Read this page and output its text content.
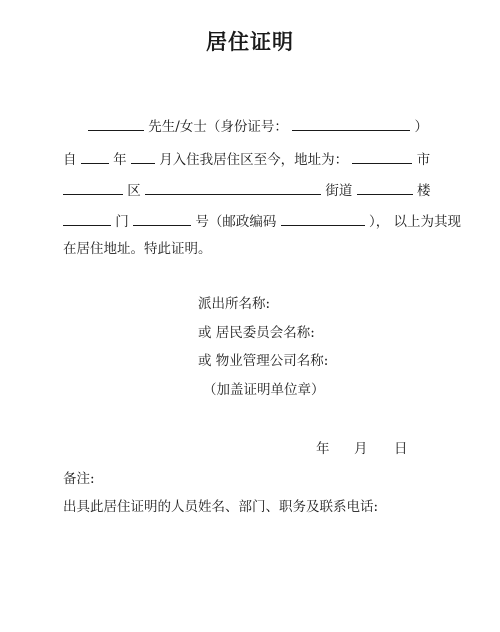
居住证明
先生/女士（身份证号：	）
自	年 月入住我居住区至今，地址为：	市
区	街道	楼
门	号（邮政编码	）， 以上为其现
在居住地址。特此证明。
派出所名称:
或 居民委员会名称:
或 物业管理公司名称:
（加盖证明单位章）
年 月 日
备注:
出具此居住证明的人员姓名、部门、职务及联系电话:
